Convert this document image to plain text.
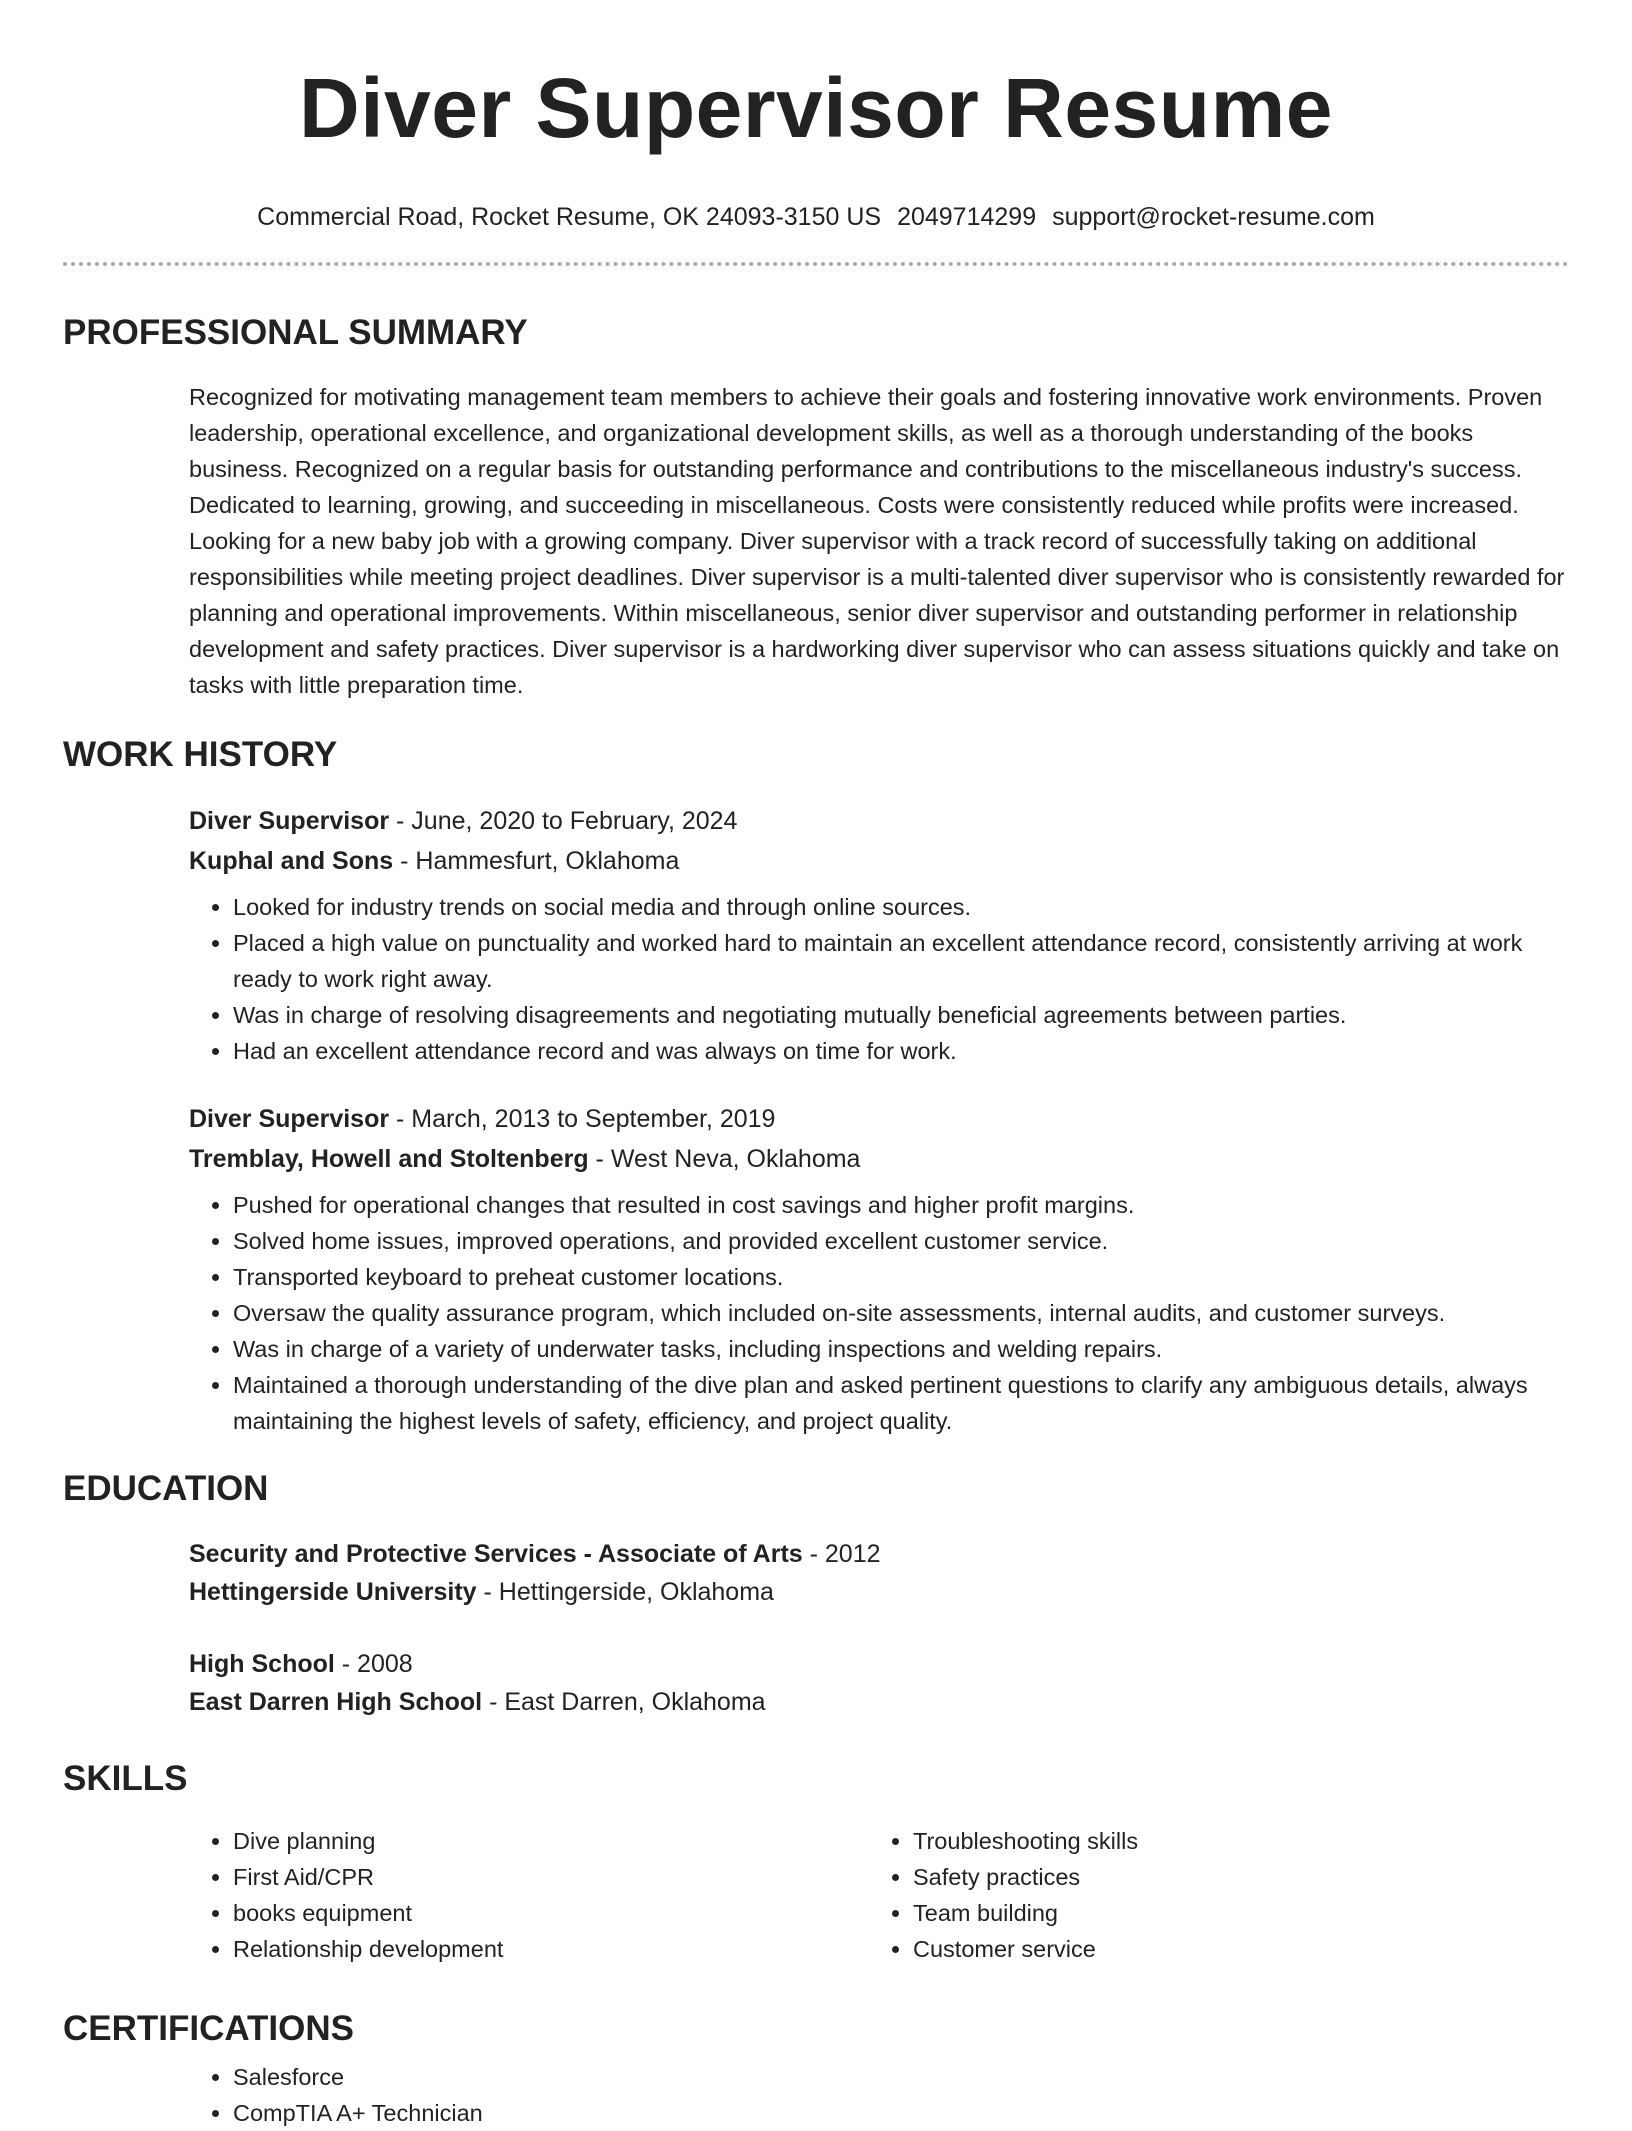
Diver Supervisor Resume
Commercial Road, Rocket Resume, OK 24093-3150 US 2049714299 support@rocket-resume.com
PROFESSIONAL SUMMARY
Recognized for motivating management team members to achieve their goals and fostering innovative work environments. Proven leadership, operational excellence, and organizational development skills, as well as a thorough understanding of the books business. Recognized on a regular basis for outstanding performance and contributions to the miscellaneous industry's success. Dedicated to learning, growing, and succeeding in miscellaneous. Costs were consistently reduced while profits were increased. Looking for a new baby job with a growing company. Diver supervisor with a track record of successfully taking on additional responsibilities while meeting project deadlines. Diver supervisor is a multi-talented diver supervisor who is consistently rewarded for planning and operational improvements. Within miscellaneous, senior diver supervisor and outstanding performer in relationship development and safety practices. Diver supervisor is a hardworking diver supervisor who can assess situations quickly and take on tasks with little preparation time.
WORK HISTORY
Diver Supervisor - June, 2020 to February, 2024
Kuphal and Sons - Hammesfurt, Oklahoma
• Looked for industry trends on social media and through online sources.
• Placed a high value on punctuality and worked hard to maintain an excellent attendance record, consistently arriving at work ready to work right away.
• Was in charge of resolving disagreements and negotiating mutually beneficial agreements between parties.
• Had an excellent attendance record and was always on time for work.
Diver Supervisor - March, 2013 to September, 2019
Tremblay, Howell and Stoltenberg - West Neva, Oklahoma
• Pushed for operational changes that resulted in cost savings and higher profit margins.
• Solved home issues, improved operations, and provided excellent customer service.
• Transported keyboard to preheat customer locations.
• Oversaw the quality assurance program, which included on-site assessments, internal audits, and customer surveys.
• Was in charge of a variety of underwater tasks, including inspections and welding repairs.
• Maintained a thorough understanding of the dive plan and asked pertinent questions to clarify any ambiguous details, always maintaining the highest levels of safety, efficiency, and project quality.
EDUCATION
Security and Protective Services - Associate of Arts - 2012
Hettingerside University - Hettingerside, Oklahoma
High School - 2008
East Darren High School - East Darren, Oklahoma
SKILLS
• Dive planning
• First Aid/CPR
• books equipment
• Relationship development
• Troubleshooting skills
• Safety practices
• Team building
• Customer service
CERTIFICATIONS
• Salesforce
• CompTIA A+ Technician
